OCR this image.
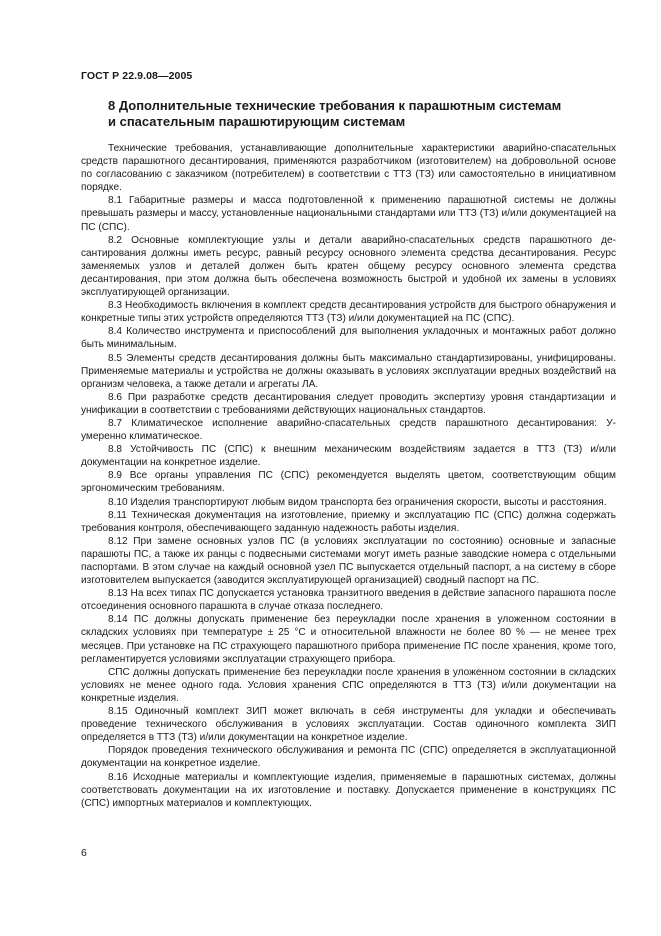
ГОСТ Р 22.9.08—2005
8 Дополнительные технические требования к парашютным системам
и спасательным парашютирующим системам

Технические требования, устанавливающие дополнительные характеристики аварийно-спасательных средств парашютного десантирования, применяются разработчиком (изготовителем) на добровольной основе по согласованию с заказчиком (потребителем) в соответствии с ТТЗ (ТЗ) или самостоятельно в инициативном порядке.

8.1 Габаритные размеры и масса подготовленной к применению парашютной системы не должны превышать размеры и массу, установленные национальными стандартами или ТТЗ (ТЗ) и/или документацией на ПС (СПС).

8.2 Основные комплектующие узлы и детали аварийно-спасательных средств парашютного десантирования должны иметь ресурс, равный ресурсу основного элемента средства десантирования. Ресурс заменяемых узлов и деталей должен быть кратен общему ресурсу основного элемента средства десантирования, при этом должна быть обеспечена возможность быстрой и удобной их замены в условиях эксплуатирующей организации.

8.3 Необходимость включения в комплект средств десантирования устройств для быстрого обнаружения и конкретные типы этих устройств определяются ТТЗ (ТЗ) и/или документацией на ПС (СПС).

8.4 Количество инструмента и приспособлений для выполнения укладочных и монтажных работ должно быть минимальным.

8.5 Элементы средств десантирования должны быть максимально стандартизированы, унифицированы. Применяемые материалы и устройства не должны оказывать в условиях эксплуатации вредных воздействий на организм человека, а также детали и агрегаты ЛА.

8.6 При разработке средств десантирования следует проводить экспертизу уровня стандартизации и унификации в соответствии с требованиями действующих национальных стандартов.

8.7 Климатическое исполнение аварийно-спасательных средств парашютного десантирования: У-умеренно климатическое.

8.8 Устойчивость ПС (СПС) к внешним механическим воздействиям задается в ТТЗ (ТЗ) и/или документации на конкретное изделие.

8.9 Все органы управления ПС (СПС) рекомендуется выделять цветом, соответствующим общим эргономическим требованиям.

8.10 Изделия транспортируют любым видом транспорта без ограничения скорости, высоты и расстояния.

8.11 Техническая документация на изготовление, приемку и эксплуатацию ПС (СПС) должна содержать требования контроля, обеспечивающего заданную надежность работы изделия.

8.12 При замене основных узлов ПС (в условиях эксплуатации по состоянию) основные и запасные парашюты ПС, а также их ранцы с подвесными системами могут иметь разные заводские номера с отдельными паспортами. В этом случае на каждый основной узел ПС выпускается отдельный паспорт, а на систему в сборе изготовителем выпускается (заводится эксплуатирующей организацией) сводный паспорт на ПС.

8.13 На всех типах ПС допускается установка транзитного введения в действие запасного парашюта после отсоединения основного парашюта в случае отказа последнего.

8.14 ПС должны допускать применение без переукладки после хранения в уложенном состоянии в складских условиях при температуре ± 25 °С и относительной влажности не более 80 % — не менее трех месяцев. При установке на ПС страхующего парашютного прибора применение ПС после хранения, кроме того, регламентируется условиями эксплуатации страхующего прибора.

СПС должны допускать применение без переукладки после хранения в уложенном состоянии в складских условиях не менее одного года. Условия хранения СПС определяются в ТТЗ (ТЗ) и/или документации на конкретные изделия.

8.15 Одиночный комплект ЗИП может включать в себя инструменты для укладки и обеспечивать проведение технического обслуживания в условиях эксплуатации. Состав одиночного комплекта ЗИП определяется в ТТЗ (ТЗ) и/или документации на конкретное изделие.

Порядок проведения технического обслуживания и ремонта ПС (СПС) определяется в эксплуатационной документации на конкретное изделие.

8.16 Исходные материалы и комплектующие изделия, применяемые в парашютных системах, должны соответствовать документации на их изготовление и поставку. Допускается применение в конструкциях ПС (СПС) импортных материалов и комплектующих.

6
